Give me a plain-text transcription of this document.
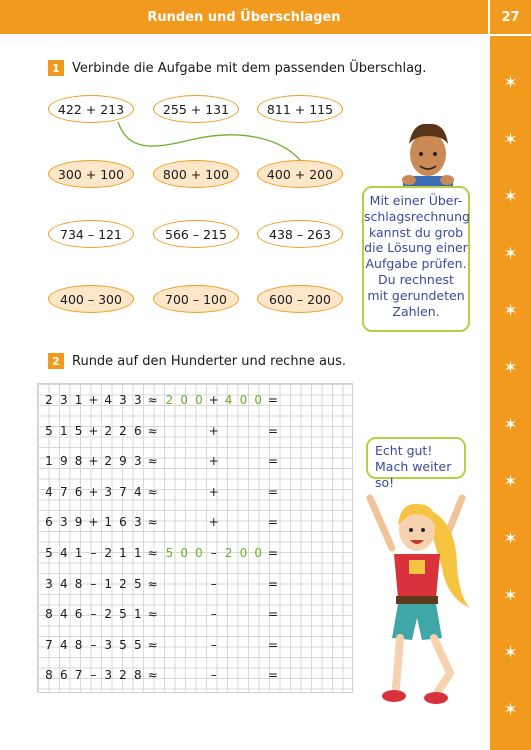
Runden und Überschlagen	27
✶
✶
✶
✶
✶
✶
✶
✶
✶
✶
✶
✶
1 Verbinde die Aufgabe mit dem passenden Überschlag.
422 + 213	255 + 131	811 + 115
300 + 100	800 + 100	400 + 200
734 – 121	566 – 215	438 – 263
400 – 300	700 – 100	600 – 200
Mit einer Über-
schlagsrechnung
kannst du grob
die Lösung einer
Aufgabe prüfen.
Du rechnest
mit gerundeten
Zahlen.
2 Runde auf den Hunderter und rechne aus.
2 3 1 + 4 3 3 ≈ 2 0 0 + 4 0 0 =
5 1 5 + 2 2 6 ≈	+	=
1 9 8 + 2 9 3 ≈	+	=
4 7 6 + 3 7 4 ≈	+	=
6 3 9 + 1 6 3 ≈	+	=
5 4 1 – 2 1 1 ≈ 5 0 0 – 2 0 0 =
3 4 8 – 1 2 5 ≈	–	=
8 4 6 – 2 5 1 ≈	–	=
7 4 8 – 3 5 5 ≈	–	=
8 6 7 – 3 2 8 ≈	–	=
Echt gut!
Mach weiter so!
